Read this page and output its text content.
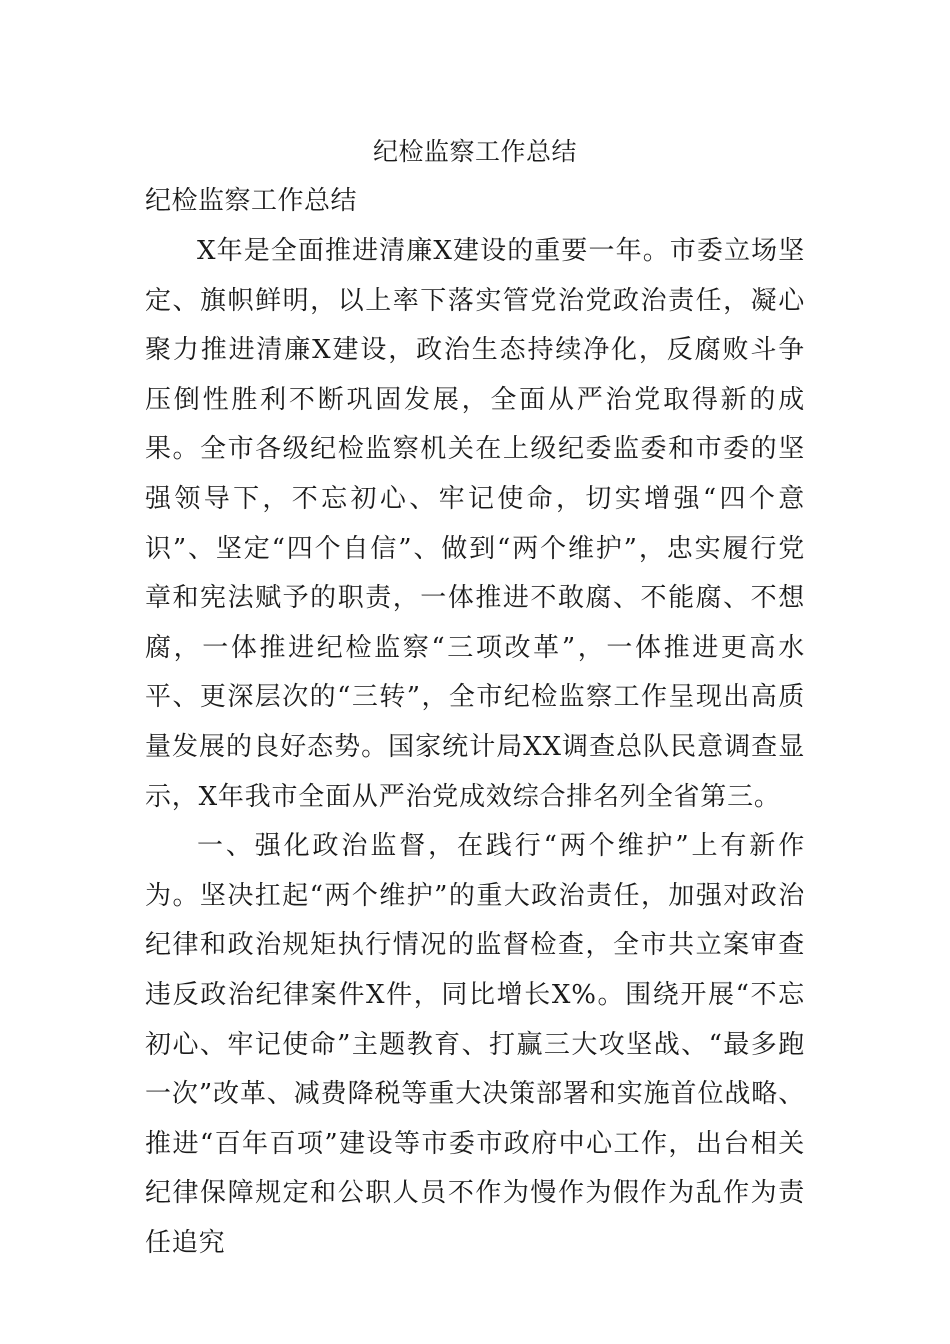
纪检监察工作总结
纪检监察工作总结

X年是全面推进清廉X建设的重要一年。市委立场坚定、旗帜鲜明，以上率下落实管党治党政治责任，凝心聚力推进清廉X建设，政治生态持续净化，反腐败斗争压倒性胜利不断巩固发展，全面从严治党取得新的成果。全市各级纪检监察机关在上级纪委监委和市委的坚强领导下，不忘初心、牢记使命，切实增强“四个意识”、坚定“四个自信”、做到“两个维护”，忠实履行党章和宪法赋予的职责，一体推进不敢腐、不能腐、不想腐，一体推进纪检监察“三项改革”，一体推进更高水平、更深层次的“三转”，全市纪检监察工作呈现出高质量发展的良好态势。国家统计局XX调查总队民意调查显示，X年我市全面从严治党成效综合排名列全省第三。

一、强化政治监督，在践行“两个维护”上有新作为。坚决扛起“两个维护”的重大政治责任，加强对政治纪律和政治规矩执行情况的监督检查，全市共立案审查违反政治纪律案件X件，同比增长X%。围绕开展“不忘初心、牢记使命”主题教育、打赢三大攻坚战、“最多跑一次”改革、减费降税等重大决策部署和实施首位战略、推进“百年百项”建设等市委市政府中心工作，出台相关纪律保障规定和公职人员不作为慢作为假作为乱作为责任追究
